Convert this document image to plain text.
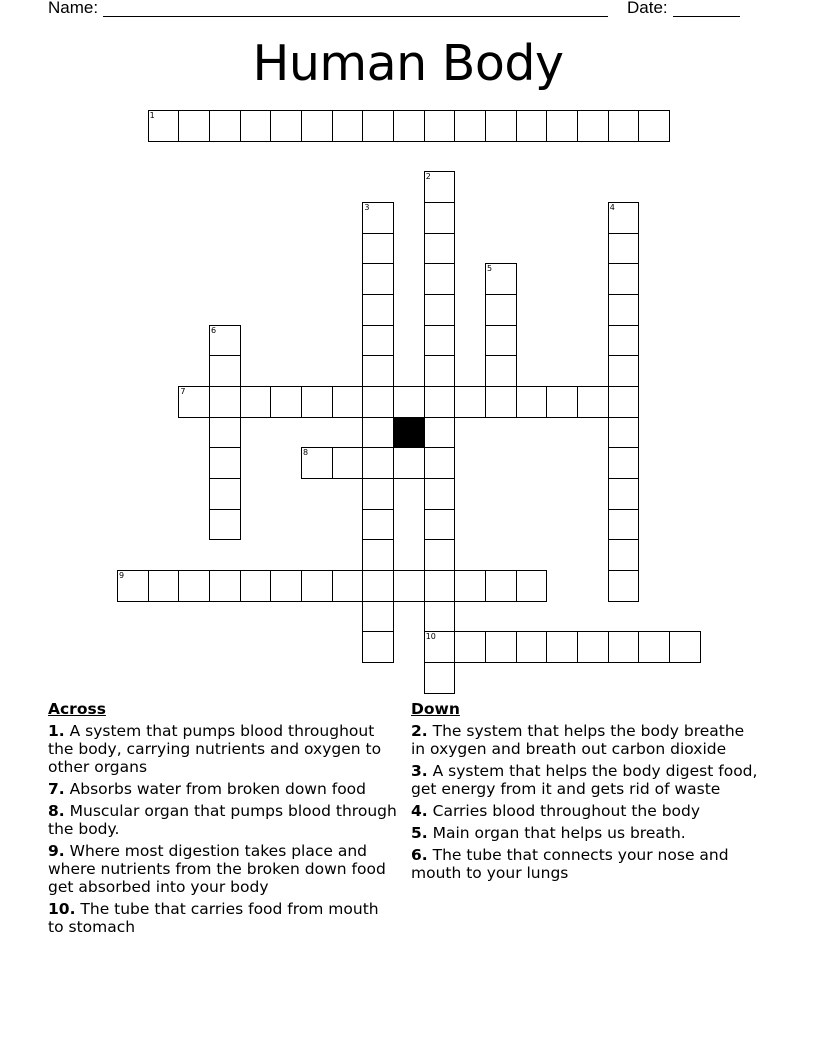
Name:	Date:
Human Body
1
2
10
3	4
5
6
7
8
9
Across
1. A system that pumps blood throughout the body, carrying nutrients and oxygen to other organs
7. Absorbs water from broken down food
8. Muscular organ that pumps blood through the body.
9. Where most digestion takes place and where nutrients from the broken down food get absorbed into your body
10. The tube that carries food from mouth to stomach
Down
2. The system that helps the body breathe in oxygen and breath out carbon dioxide
3. A system that helps the body digest food, get energy from it and gets rid of waste
4. Carries blood throughout the body
5. Main organ that helps us breath.
6. The tube that connects your nose and mouth to your lungs
